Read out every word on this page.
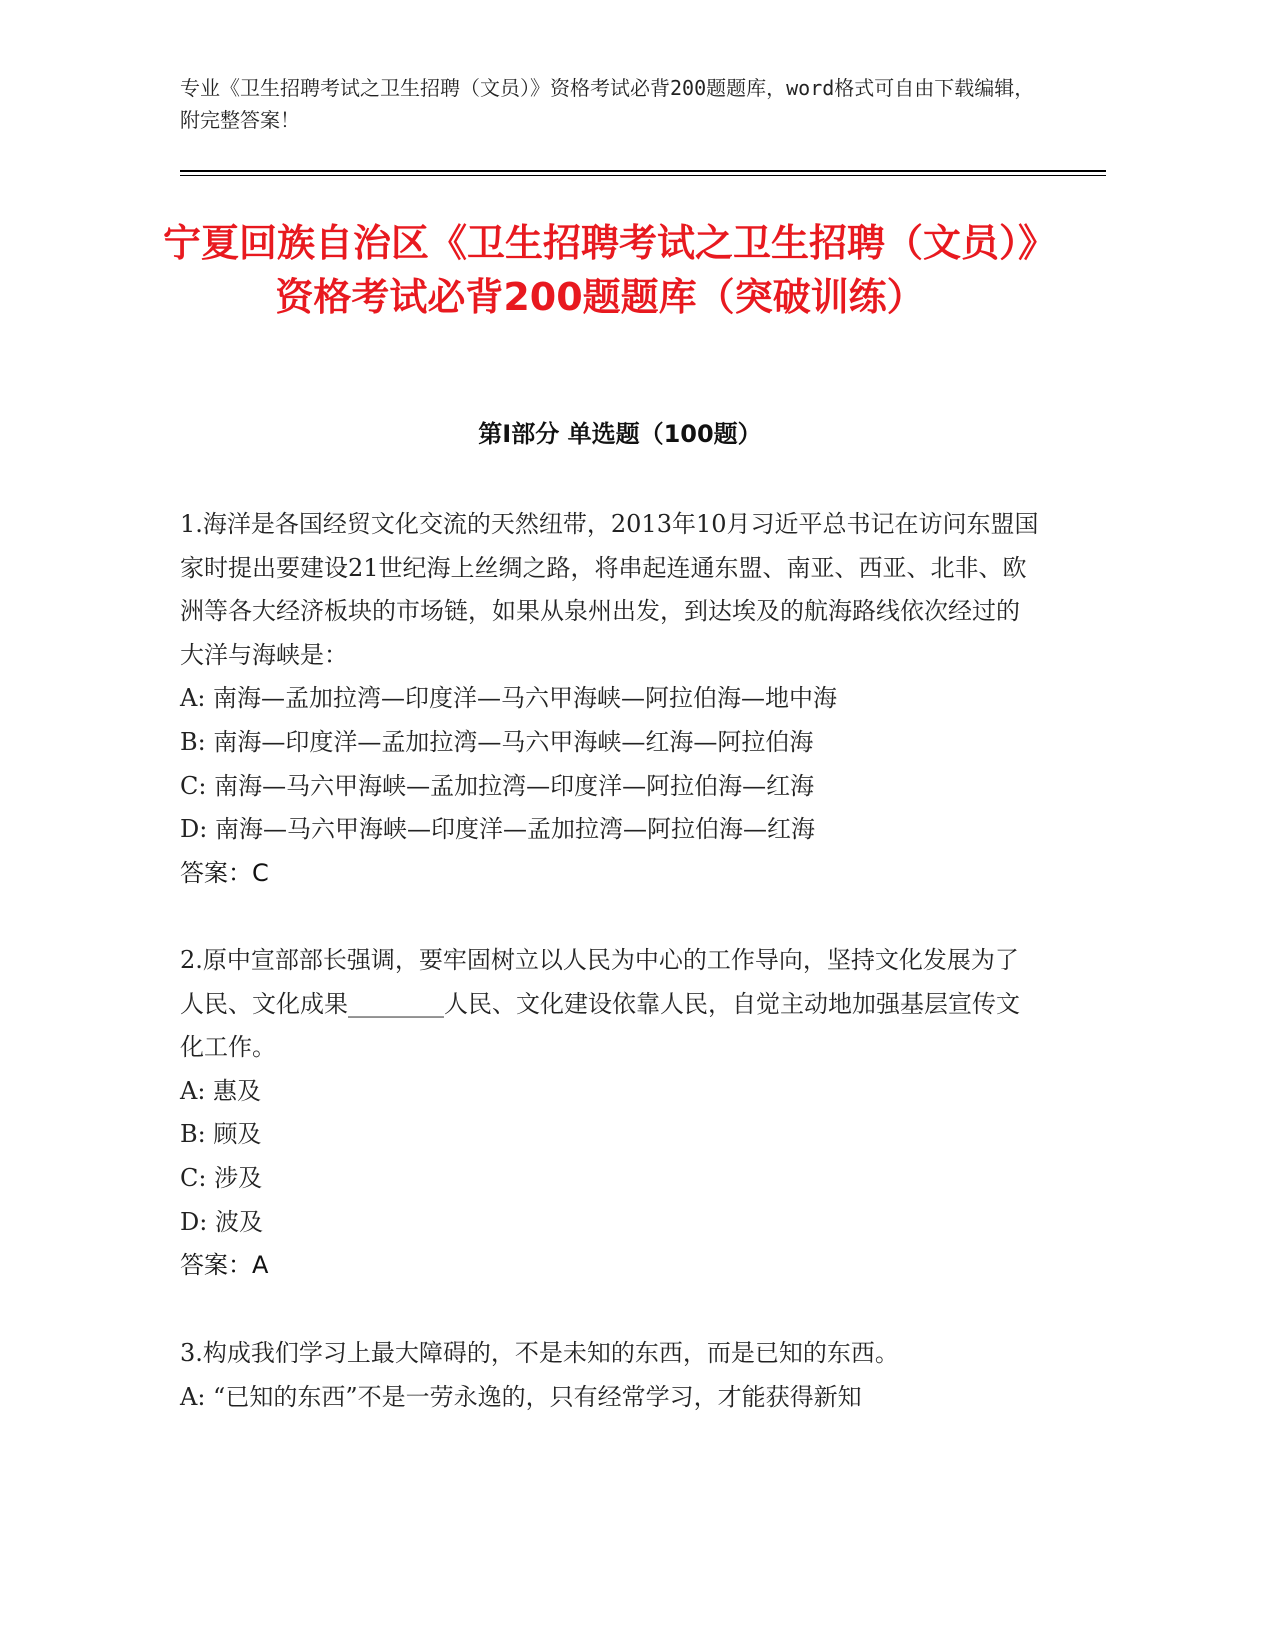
专业《卫生招聘考试之卫生招聘（文员）》资格考试必背200题题库，word格式可自由下载编辑，附完整答案！
宁夏回族自治区《卫生招聘考试之卫生招聘（文员）》资格考试必背200题题库（突破训练）
第Ⅰ部分 单选题（100题）

1.海洋是各国经贸文化交流的天然纽带，2013年10月习近平总书记在访问东盟国家时提出要建设21世纪海上丝绸之路，将串起连通东盟、南亚、西亚、北非、欧洲等各大经济板块的市场链，如果从泉州出发，到达埃及的航海路线依次经过的大洋与海峡是：

A: 南海—孟加拉湾—印度洋—马六甲海峡—阿拉伯海—地中海

B: 南海—印度洋—孟加拉湾—马六甲海峡—红海—阿拉伯海

C: 南海—马六甲海峡—孟加拉湾—印度洋—阿拉伯海—红海

D: 南海—马六甲海峡—印度洋—孟加拉湾—阿拉伯海—红海

答案：C

2.原中宣部部长强调，要牢固树立以人民为中心的工作导向，坚持文化发展为了人民、文化成果________人民、文化建设依靠人民，自觉主动地加强基层宣传文化工作。

A: 惠及

B: 顾及

C: 涉及

D: 波及

答案：A

3.构成我们学习上最大障碍的，不是未知的东西，而是已知的东西。

A: “已知的东西”不是一劳永逸的，只有经常学习，才能获得新知
